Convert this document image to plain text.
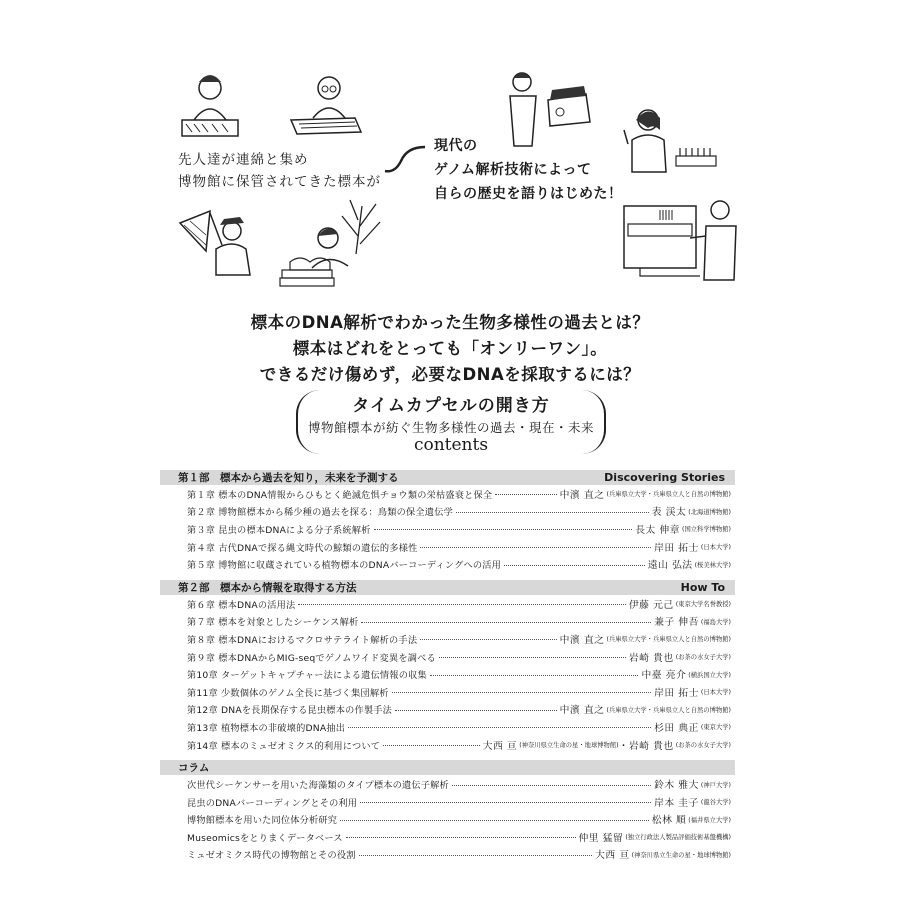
先人達が連綿と集め
博物館に保管されてきた標本が
現代の
ゲノム解析技術によって
自らの歴史を語りはじめた！
標本のDNA解析でわかった生物多様性の過去とは？
標本はどれをとっても「オンリーワン」。
できるだけ傷めず，必要なDNAを採取するには？
タイムカプセルの開き方
博物館標本が紡ぐ生物多様性の過去・現在・未来
contents
第１部　標本から過去を知り，未来を予測する	Discovering Stories
第１章 標本のDNA情報からひもとく絶滅危惧チョウ類の栄枯盛衰と保全	中濱 直之 (兵庫県立大学・兵庫県立人と自然の博物館)
第２章 博物館標本から稀少種の過去を探る：鳥類の保全遺伝学	表 渓太 (北海道博物館)
第３章 昆虫の標本DNAによる分子系統解析	長太 伸章 (国立科学博物館)
第４章 古代DNAで探る縄文時代の鯨類の遺伝的多様性	岸田 拓士 (日本大学)
第５章 博物館に収蔵されている植物標本のDNAバーコーディングへの活用	遠山 弘法 (桜美林大学)
第２部　標本から情報を取得する方法	How To
第６章 標本DNAの活用法	伊藤 元己 (東京大学名誉教授)
第７章 標本を対象としたシーケンス解析	兼子 伸吾 (福島大学)
第８章 標本DNAにおけるマクロサテライト解析の手法	中濱 直之 (兵庫県立大学・兵庫県立人と自然の博物館)
第９章 標本DNAからMIG-seqでゲノムワイド変異を調べる	岩崎 貴也 (お茶の水女子大学)
第10章 ターゲットキャプチャー法による遺伝情報の収集	中臺 亮介 (横浜国立大学)
第11章 少数個体のゲノム全長に基づく集団解析	岸田 拓士 (日本大学)
第12章 DNAを長期保存する昆虫標本の作製手法	中濱 直之 (兵庫県立大学・兵庫県立人と自然の博物館)
第13章 植物標本の非破壊的DNA抽出	杉田 典正 (東京大学)
第14章 標本のミュゼオミクス的利用について	大西 亘 (神奈川県立生命の星・地球博物館) ・岩崎 貴也 (お茶の水女子大学)
コラム
次世代シーケンサーを用いた海藻類のタイプ標本の遺伝子解析	鈴木 雅大 (神戸大学)
昆虫のDNAバーコーディングとその利用	岸本 圭子 (龍谷大学)
博物館標本を用いた同位体分析研究	松林 順 (福井県立大学)
Museomicsをとりまくデータベース	仲里 猛留 (独立行政法人製品評価技術基盤機構)
ミュゼオミクス時代の博物館とその役割	大西 亘 (神奈川県立生命の星・地球博物館)
